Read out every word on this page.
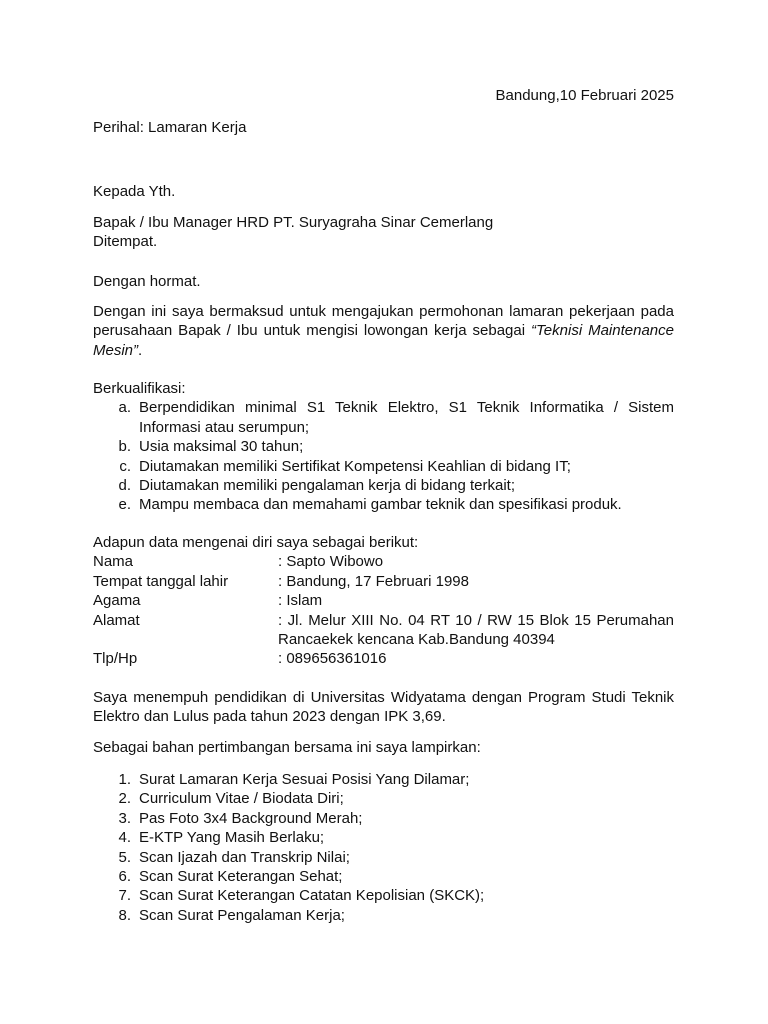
Bandung,10 Februari 2025

Perihal: Lamaran Kerja

Kepada Yth.

Bapak / Ibu Manager HRD PT. Suryagraha Sinar Cemerlang

Ditempat.

Dengan hormat.

Dengan ini saya bermaksud untuk mengajukan permohonan lamaran pekerjaan pada perusahaan Bapak / Ibu untuk mengisi lowongan kerja sebagai “Teknisi Maintenance Mesin”.

Berkualifikasi:

a. Berpendidikan minimal S1 Teknik Elektro, S1 Teknik Informatika / Sistem Informasi atau serumpun;
b. Usia maksimal 30 tahun;
c. Diutamakan memiliki Sertifikat Kompetensi Keahlian di bidang IT;
d. Diutamakan memiliki pengalaman kerja di bidang terkait;
e. Mampu membaca dan memahami gambar teknik dan spesifikasi produk.

Adapun data mengenai diri saya sebagai berikut:

Nama	: Sapto Wibowo
Tempat tanggal lahir	: Bandung, 17 Februari 1998
Agama	: Islam
Alamat	: Jl. Melur XIII No. 04 RT 10 / RW 15 Blok 15 Perumahan Rancaekek kencana Kab.Bandung 40394
Tlp/Hp	: 089656361016

Saya menempuh pendidikan di Universitas Widyatama dengan Program Studi Teknik Elektro dan Lulus pada tahun 2023 dengan IPK 3,69.

Sebagai bahan pertimbangan bersama ini saya lampirkan:

1. Surat Lamaran Kerja Sesuai Posisi Yang Dilamar;
2. Curriculum Vitae / Biodata Diri;
3. Pas Foto 3x4 Background Merah;
4. E-KTP Yang Masih Berlaku;
5. Scan Ijazah dan Transkrip Nilai;
6. Scan Surat Keterangan Sehat;
7. Scan Surat Keterangan Catatan Kepolisian (SKCK);
8. Scan Surat Pengalaman Kerja;
